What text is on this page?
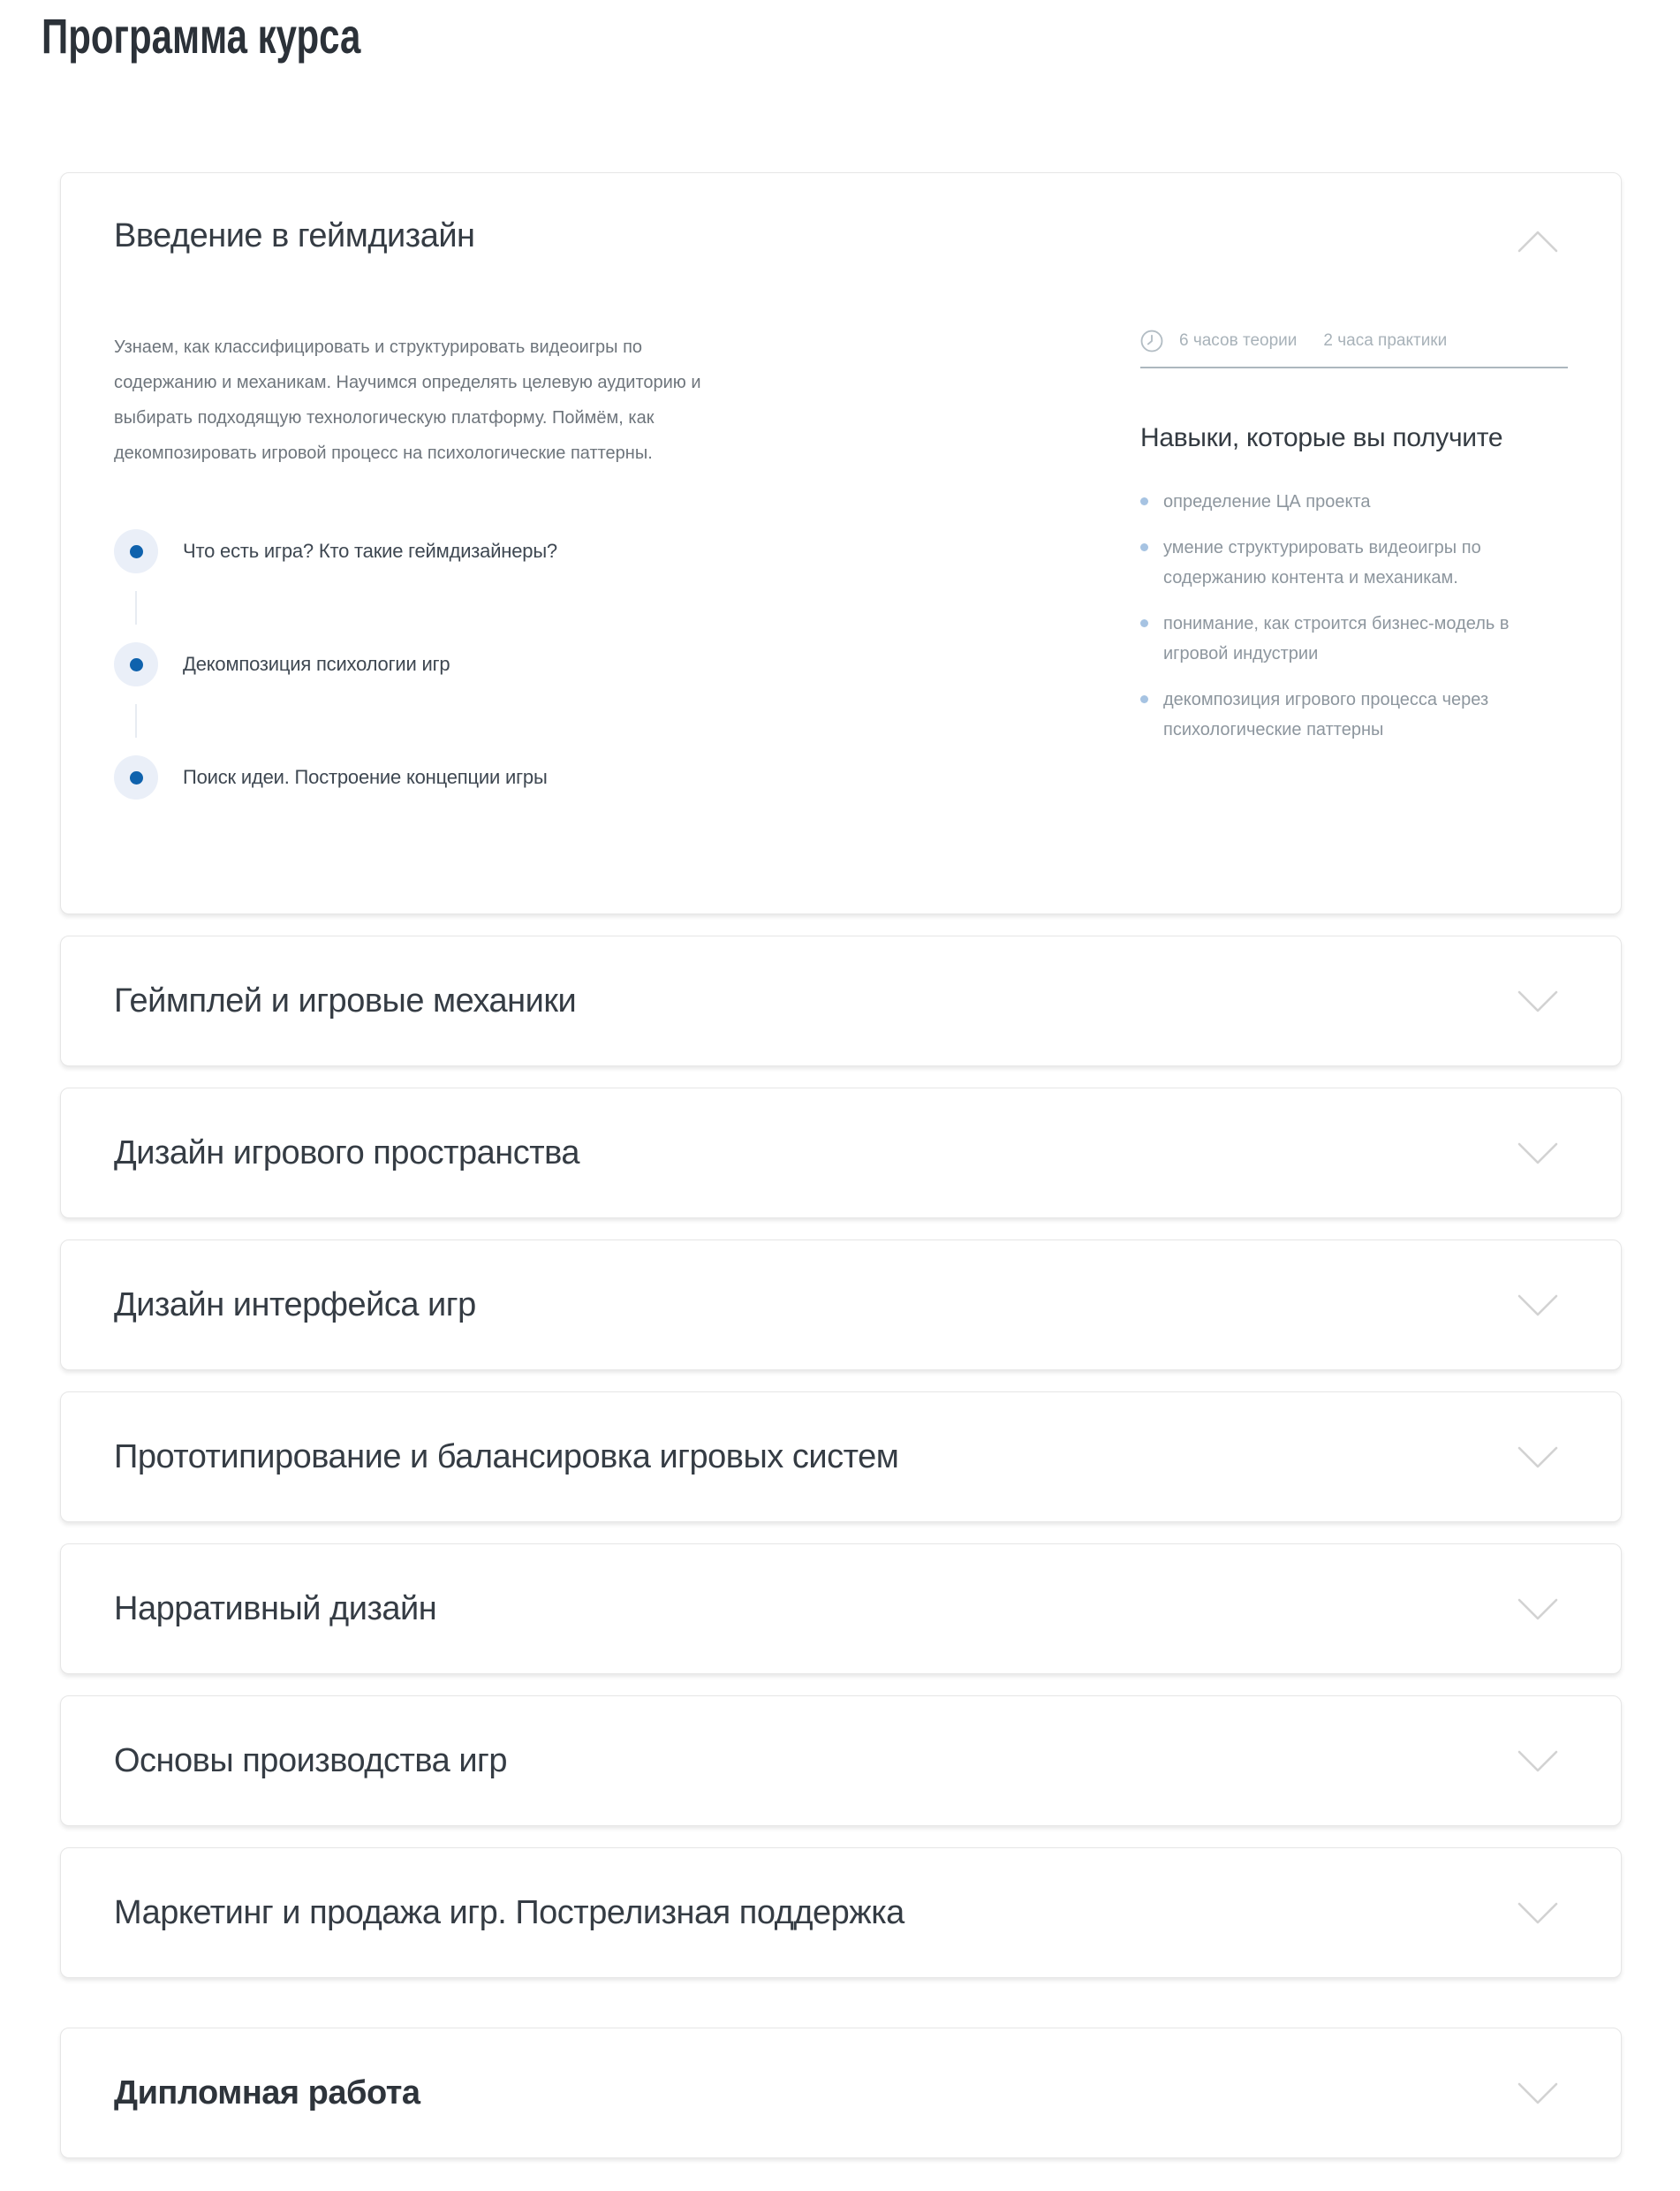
Программа курса
Введение в геймдизайн

Узнаем, как классифицировать и структурировать видеоигры по содержанию и механикам. Научимся определять целевую аудиторию и выбирать подходящую технологическую платформу. Поймём, как декомпозировать игровой процесс на психологические паттерны.

Что есть игра? Кто такие геймдизайнеры?
Декомпозиция психологии игр
Поиск идеи. Построение концепции игры
6 часов теории 2 часа практики
Навыки, которые вы получите
определение ЦА проекта
умение структурировать видеоигры по содержанию контента и механикам.
понимание, как строится бизнес-модель в игровой индустрии
декомпозиция игрового процесса через психологические паттерны
Геймплей и игровые механики
Дизайн игрового пространства
Дизайн интерфейса игр
Прототипирование и балансировка игровых систем
Нарративный дизайн
Основы производства игр
Маркетинг и продажа игр. Пострелизная поддержка
Дипломная работа
